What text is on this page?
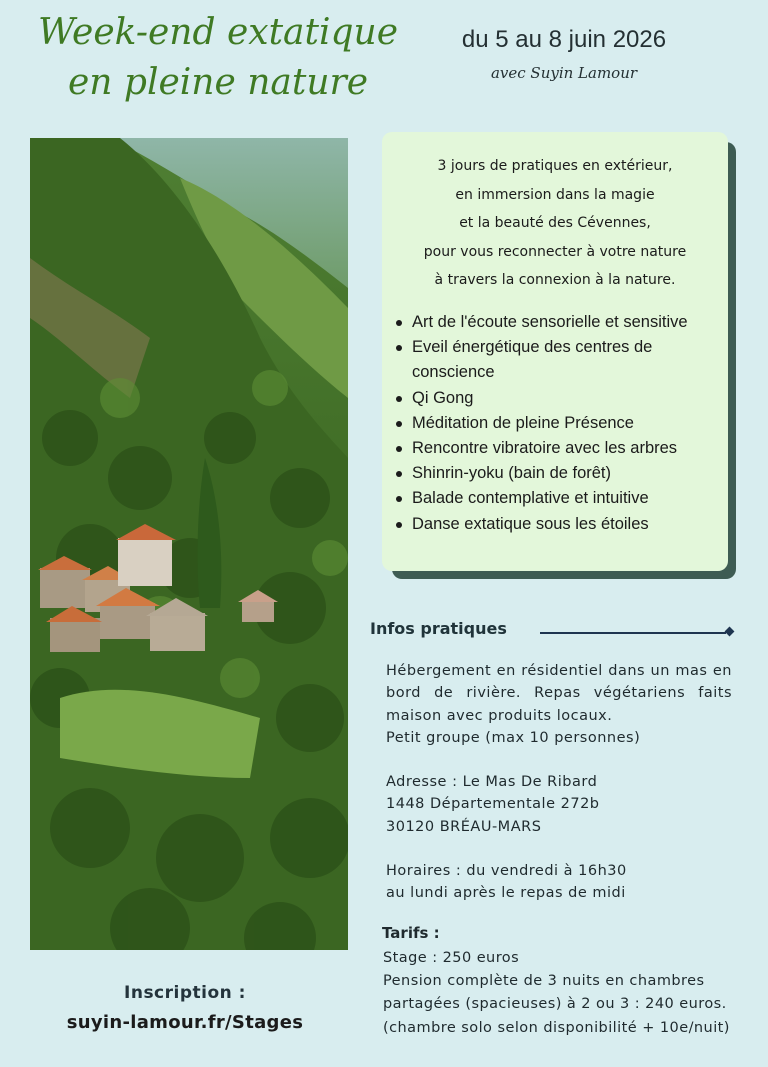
Week-end extatique
en pleine nature
du 5 au 8 juin 2026
avec Suyin Lamour
3 jours de pratiques en extérieur,
en immersion dans la magie
et la beauté des Cévennes,
pour vous reconnecter à votre nature
à travers la connexion à la nature.
Art de l'écoute sensorielle et sensitive
Eveil énergétique des centres de conscience
Qi Gong
Méditation de pleine Présence
Rencontre vibratoire avec les arbres
Shinrin-yoku (bain de forêt)
Balade contemplative et intuitive
Danse extatique sous les étoiles
Infos pratiques
Hébergement en résidentiel dans un mas en bord de rivière. Repas végétariens faits maison avec produits locaux.
Petit groupe (max 10 personnes)
Adresse : Le Mas De Ribard
1448 Départementale 272b
30120 BRÉAU-MARS
Horaires : du vendredi à 16h30
au lundi après le repas de midi
Tarifs :
Stage : 250 euros
Pension complète de 3 nuits en chambres
partagées (spacieuses) à 2 ou 3 : 240 euros.
(chambre solo selon disponibilité + 10e/nuit)
Inscription :
suyin-lamour.fr/Stages
